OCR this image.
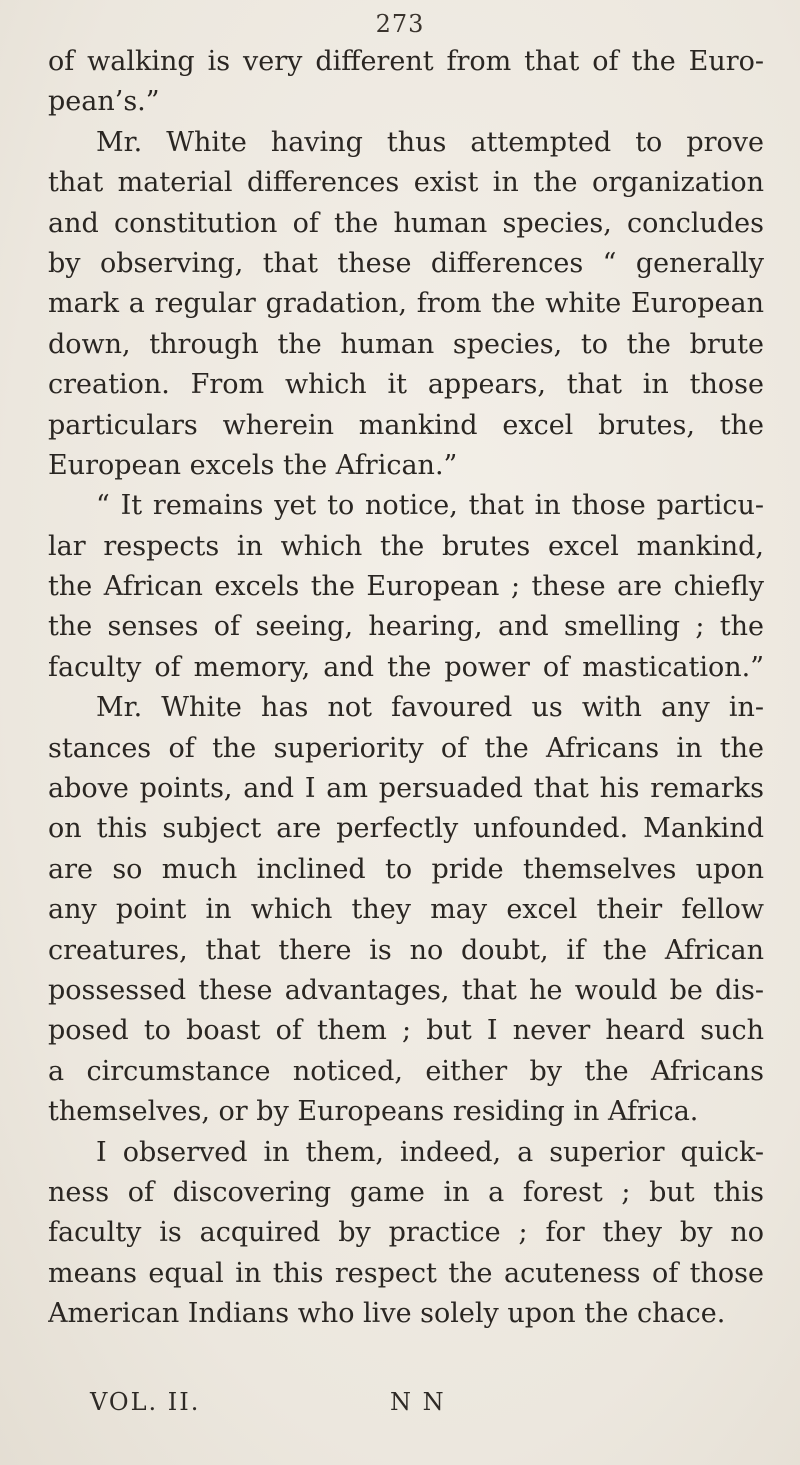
273
of walking is very different from that of the Euro-
pean’s.”
Mr. White having thus attempted to prove
that material differences exist in the organization
and constitution of the human species, concludes
by observing, that these differences “ generally
mark a regular gradation, from the white European
down, through the human species, to the brute
creation. From which it appears, that in those
particulars wherein mankind excel brutes, the
European excels the African.”
“ It remains yet to notice, that in those particu-
lar respects in which the brutes excel mankind,
the African excels the European ; these are chiefly
the senses of seeing, hearing, and smelling ; the
faculty of memory, and the power of mastication.”
Mr. White has not favoured us with any in-
stances of the superiority of the Africans in the
above points, and I am persuaded that his remarks
on this subject are perfectly unfounded. Mankind
are so much inclined to pride themselves upon
any point in which they may excel their fellow
creatures, that there is no doubt, if the African
possessed these advantages, that he would be dis-
posed to boast of them ; but I never heard such
a circumstance noticed, either by the Africans
themselves, or by Europeans residing in Africa.
I observed in them, indeed, a superior quick-
ness of discovering game in a forest ; but this
faculty is acquired by practice ; for they by no
means equal in this respect the acuteness of those
American Indians who live solely upon the chace.
VOL. II.	N N
